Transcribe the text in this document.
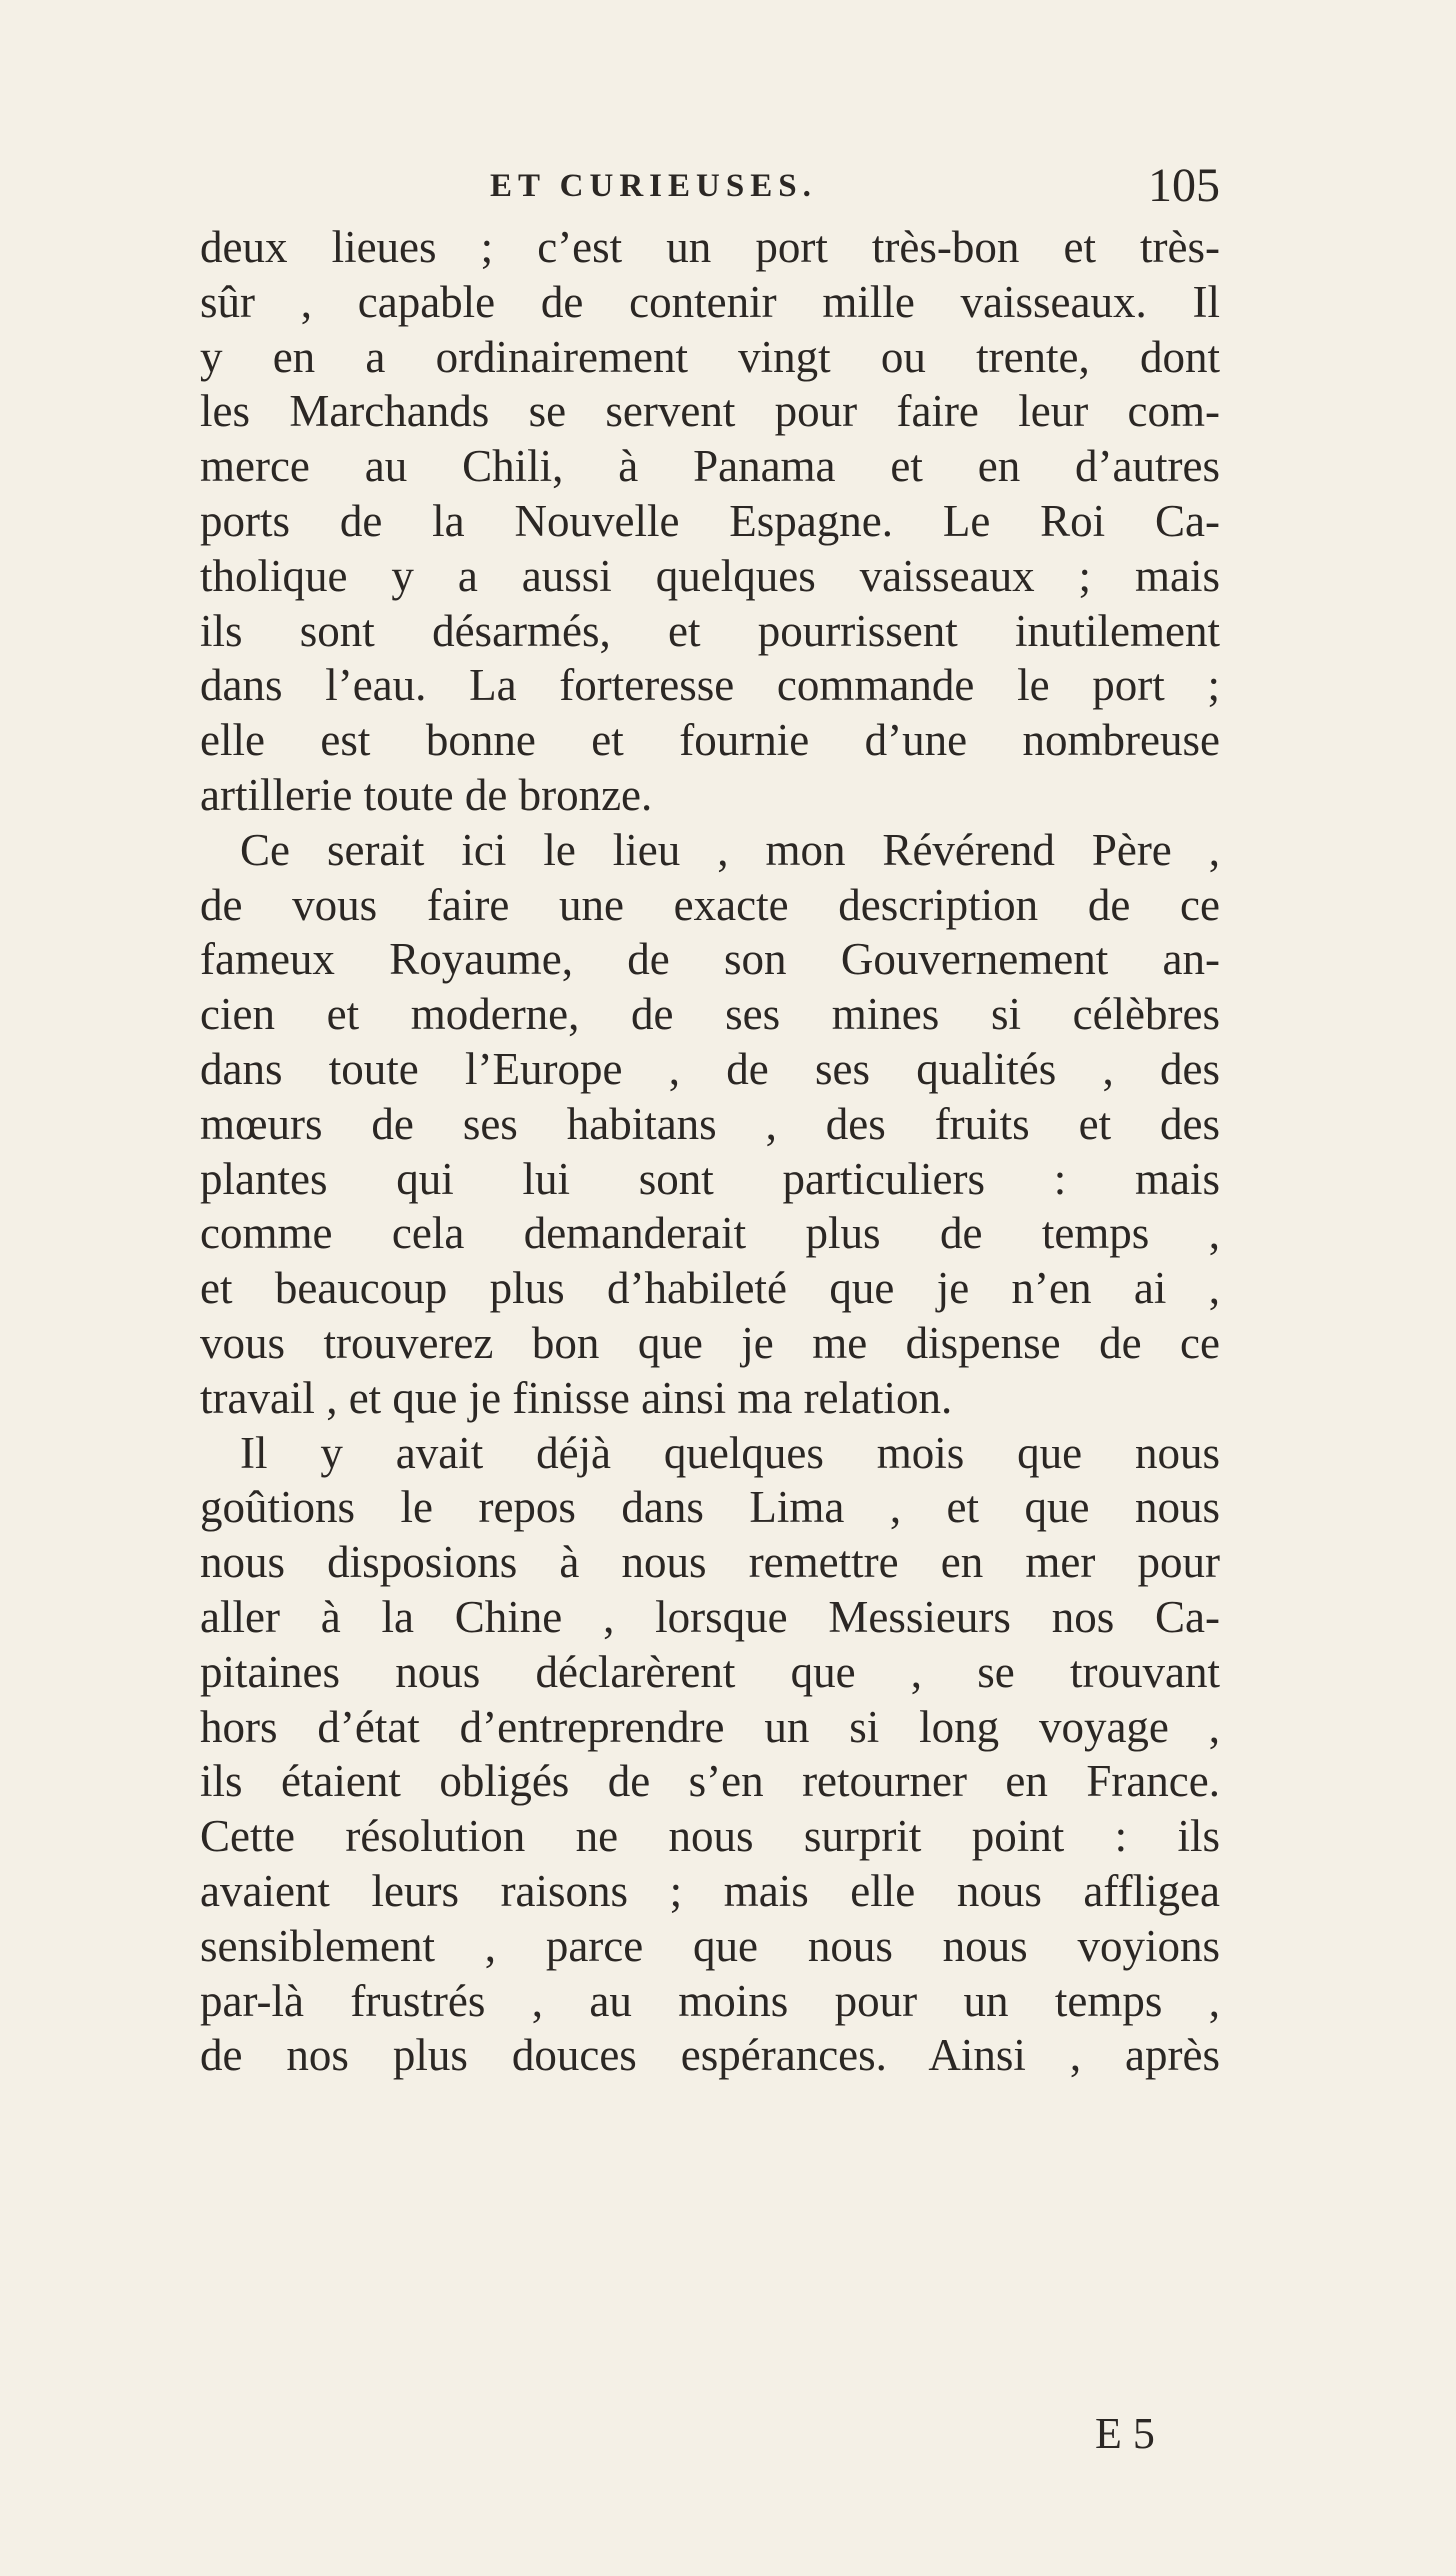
ET CURIEUSES.	105
deux lieues ; c’est un port très-bon et très-
sûr , capable de contenir mille vaisseaux. Il
y en a ordinairement vingt ou trente, dont
les Marchands se servent pour faire leur com-
merce au Chili, à Panama et en d’autres
ports de la Nouvelle Espagne. Le Roi Ca-
tholique y a aussi quelques vaisseaux ; mais
ils sont désarmés, et pourrissent inutilement
dans l’eau. La forteresse commande le port ;
elle est bonne et fournie d’une nombreuse
artillerie toute de bronze.
Ce serait ici le lieu , mon Révérend Père ,
de vous faire une exacte description de ce
fameux Royaume, de son Gouvernement an-
cien et moderne, de ses mines si célèbres
dans toute l’Europe , de ses qualités , des
mœurs de ses habitans , des fruits et des
plantes qui lui sont particuliers : mais
comme cela demanderait plus de temps ,
et beaucoup plus d’habileté que je n’en ai ,
vous trouverez bon que je me dispense de ce
travail , et que je finisse ainsi ma relation.
Il y avait déjà quelques mois que nous
goûtions le repos dans Lima , et que nous
nous disposions à nous remettre en mer pour
aller à la Chine , lorsque Messieurs nos Ca-
pitaines nous déclarèrent que , se trouvant
hors d’état d’entreprendre un si long voyage ,
ils étaient obligés de s’en retourner en France.
Cette résolution ne nous surprit point : ils
avaient leurs raisons ; mais elle nous affligea
sensiblement , parce que nous nous voyions
par-là frustrés , au moins pour un temps ,
de nos plus douces espérances. Ainsi , après
E 5
